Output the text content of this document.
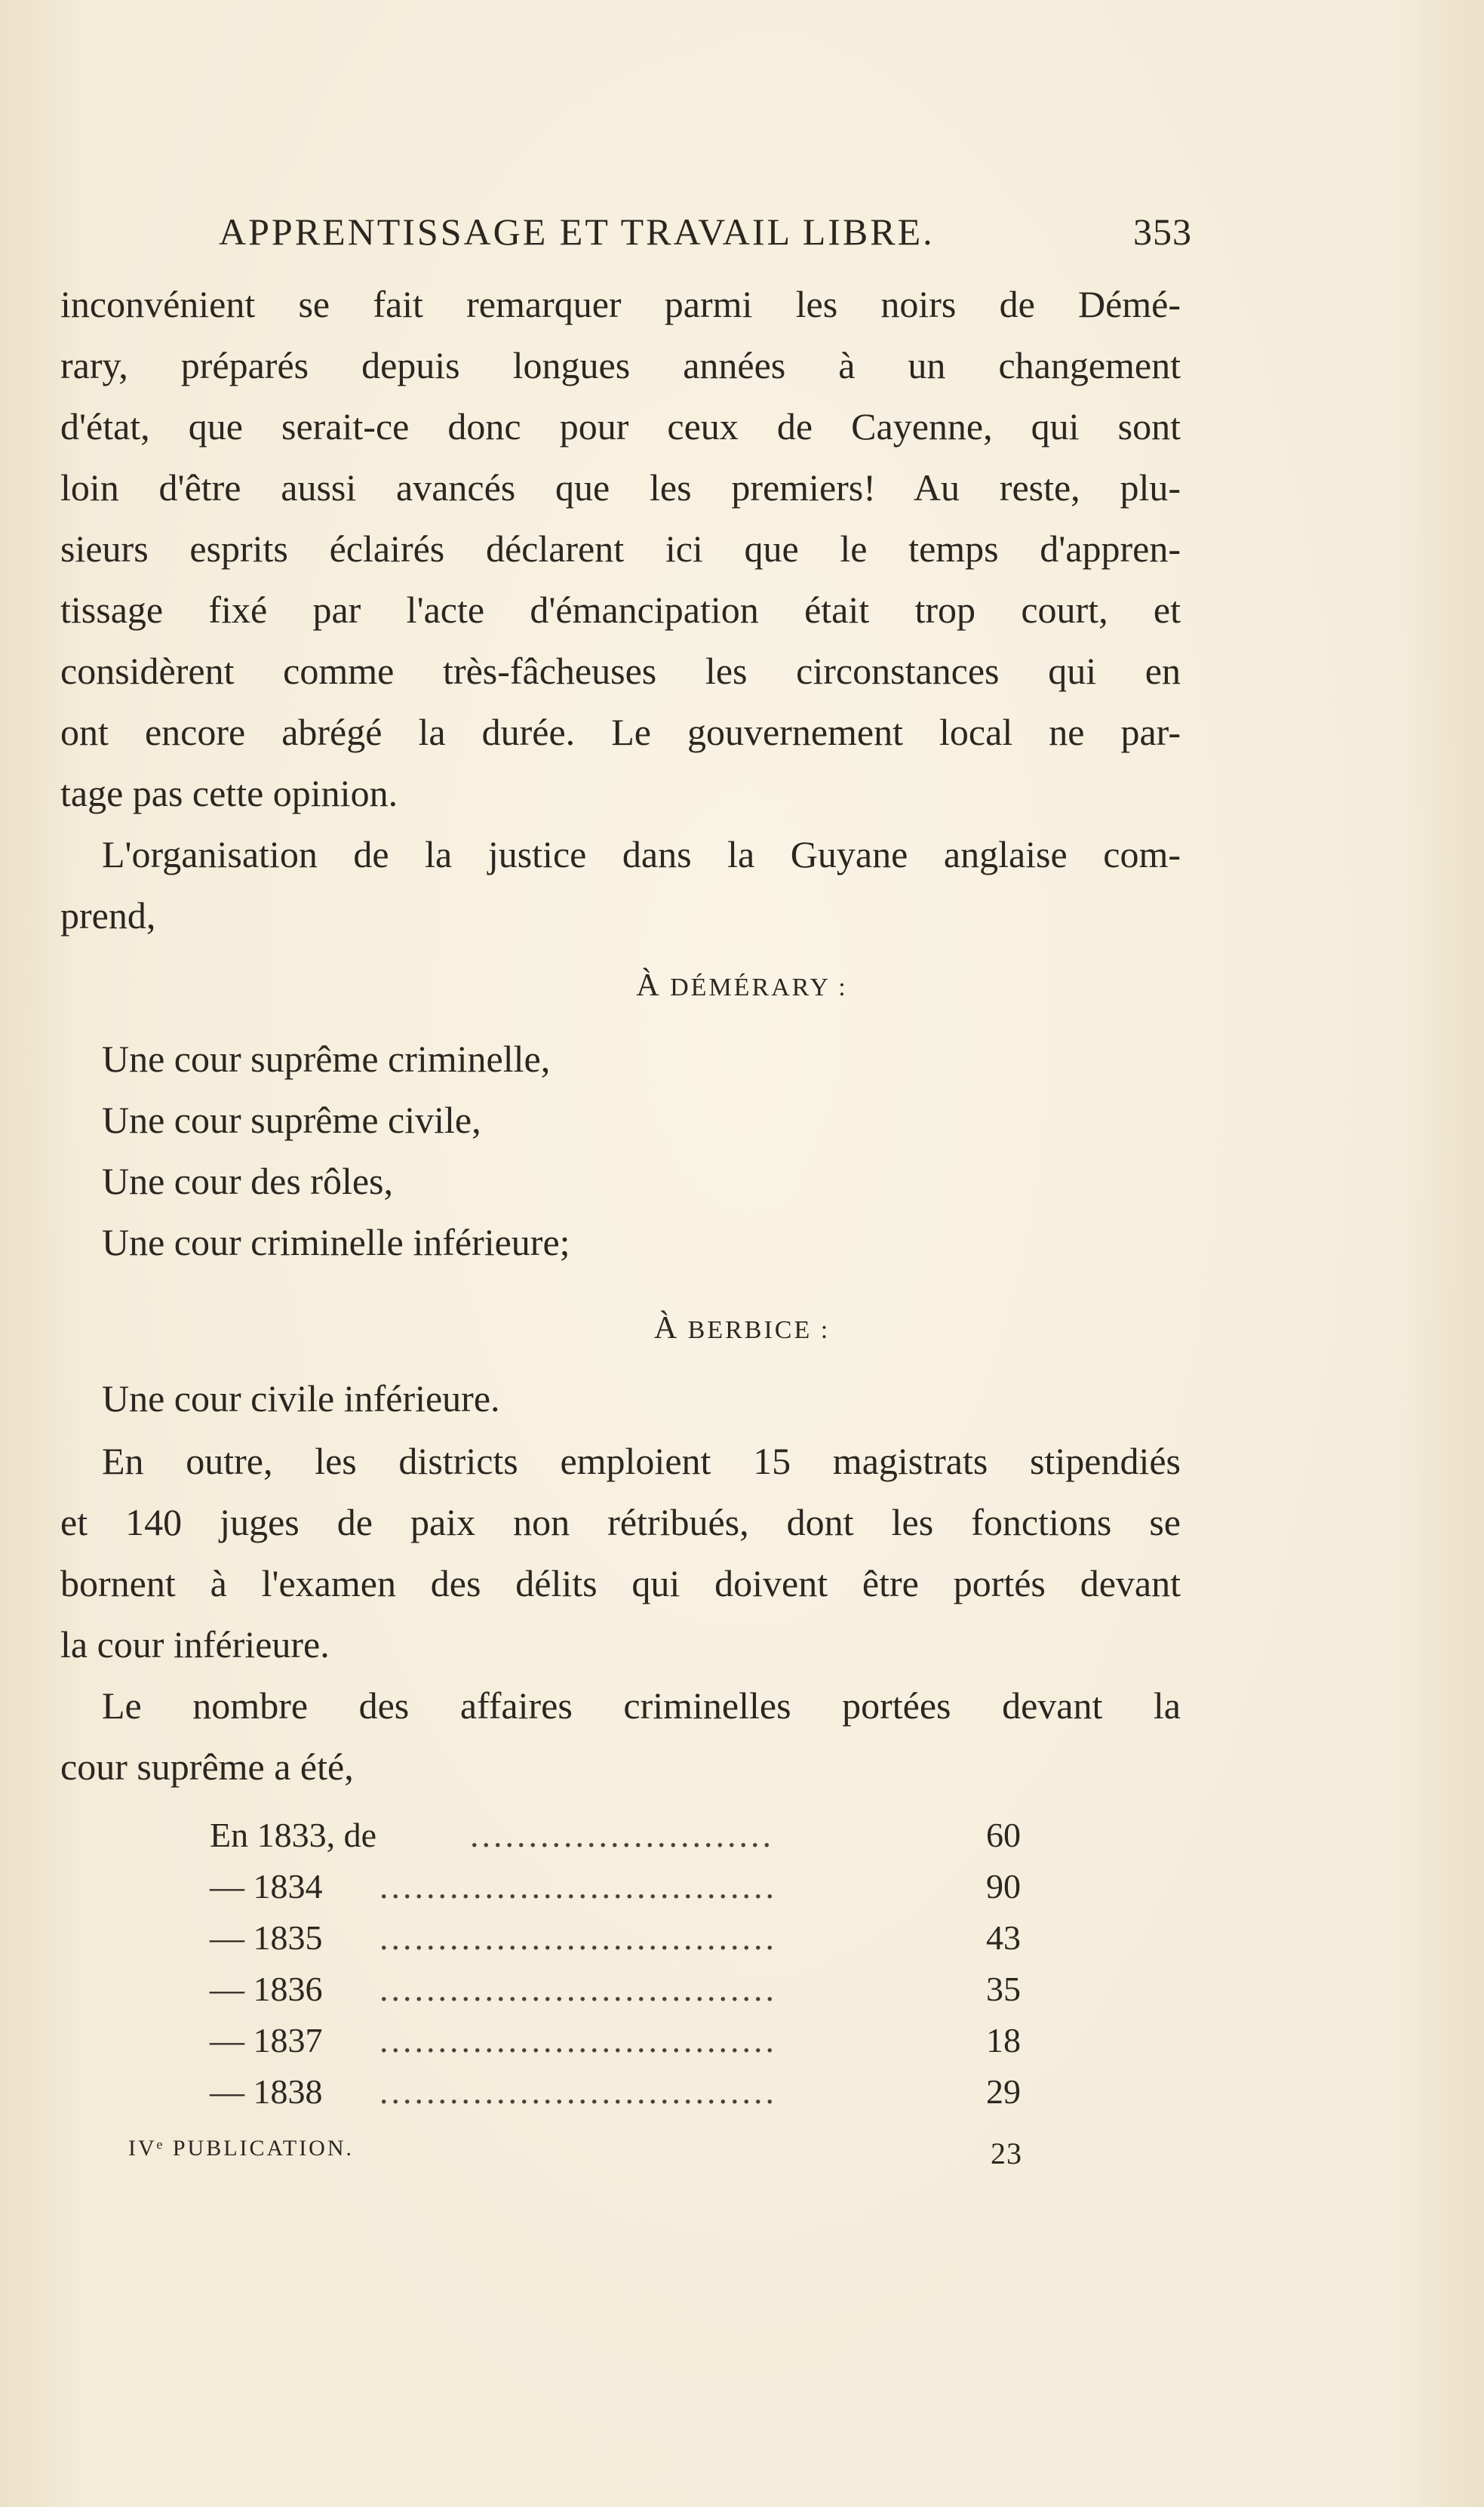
APPRENTISSAGE ET TRAVAIL LIBRE.	353
inconvénient se fait remarquer parmi les noirs de Démé-
rary, préparés depuis longues années à un changement
d'état, que serait-ce donc pour ceux de Cayenne, qui sont
loin d'être aussi avancés que les premiers! Au reste, plu-
sieurs esprits éclairés déclarent ici que le temps d'appren-
tissage fixé par l'acte d'émancipation était trop court, et
considèrent comme très-fâcheuses les circonstances qui en
ont encore abrégé la durée. Le gouvernement local ne par-
tage pas cette opinion.
L'organisation de la justice dans la Guyane anglaise com-
prend,
À DÉMÉRARY :
Une cour suprême criminelle,
Une cour suprême civile,
Une cour des rôles,
Une cour criminelle inférieure;
À BERBICE :
Une cour civile inférieure.
En outre, les districts emploient 15 magistrats stipendiés
et 140 juges de paix non rétribués, dont les fonctions se
bornent à l'examen des délits qui doivent être portés devant
la cour inférieure.
Le nombre des affaires criminelles portées devant la
cour suprême a été,
En 1833, de	..........................	60
— 1834 ..................................	90
— 1835 ..................................	43
— 1836 ..................................	35
— 1837 ..................................	18
— 1838 ..................................	29
IVᵉ PUBLICATION.	23
